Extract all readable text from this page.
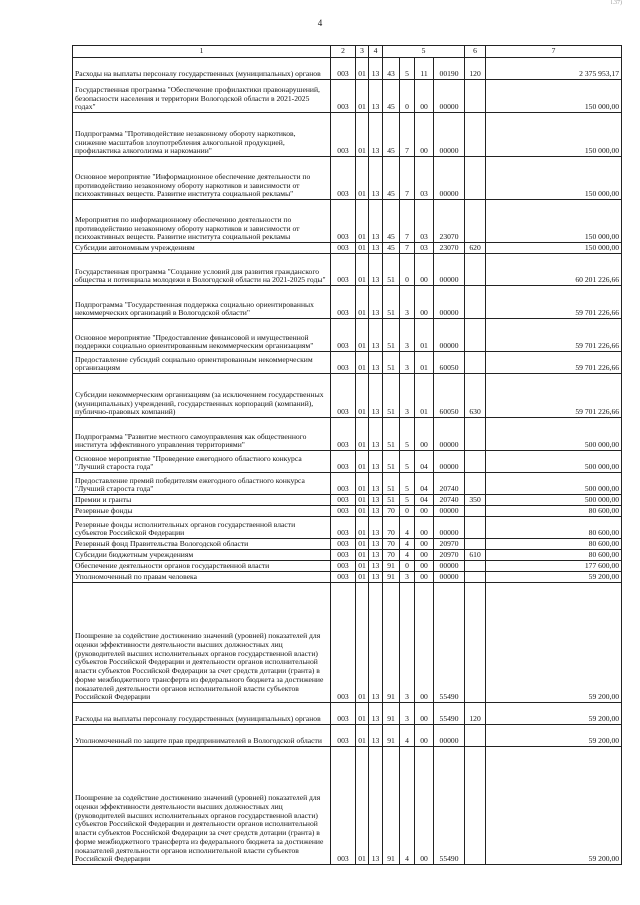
4
l.37)
1	2	3	4	5				6	7
Расходы на выплаты персоналу государственных (муниципальных) органов	003	01	13	43	5	11	00190	120	2 375 953,17
Государственная программа "Обеспечение профилактики правонарушений, безопасности населения и территории Вологодской области в 2021-2025 годах"	003	01	13	45	0	00	00000		150 000,00
Подпрограмма "Противодействие незаконному обороту наркотиков, снижение масштабов злоупотребления алкогольной продукцией, профилактика алкоголизма и наркомании"	003	01	13	45	7	00	00000		150 000,00
Основное мероприятие "Информационное обеспечение деятельности по противодействию незаконному обороту наркотиков и зависимости от психоактивных веществ. Развитие института социальной рекламы"	003	01	13	45	7	03	00000		150 000,00
Мероприятия по информационному обеспечению деятельности по противодействию незаконному обороту наркотиков и зависимости от психоактивных веществ. Развитие института социальной рекламы	003	01	13	45	7	03	23070		150 000,00
Субсидии автономным учреждениям	003	01	13	45	7	03	23070	620	150 000,00
Государственная программа "Создание условий для развития гражданского общества и потенциала молодежи в Вологодской области на 2021-2025 годы"	003	01	13	51	0	00	00000		60 201 226,66
Подпрограмма "Государственная поддержка социально ориентированных некоммерческих организаций в Вологодской области"	003	01	13	51	3	00	00000		59 701 226,66
Основное мероприятие "Предоставление финансовой и имущественной поддержки социально ориентированным некоммерческим организациям"	003	01	13	51	3	01	00000		59 701 226,66
Предоставление субсидий социально ориентированным некоммерческим организациям	003	01	13	51	3	01	60050		59 701 226,66
Субсидии некоммерческим организациям (за исключением государственных (муниципальных) учреждений, государственных корпораций (компаний), публично-правовых компаний)	003	01	13	51	3	01	60050	630	59 701 226,66
Подпрограмма "Развитие местного самоуправления как общественного института эффективного управления территориями"	003	01	13	51	5	00	00000		500 000,00
Основное мероприятие "Проведение ежегодного областного конкурса "Лучший староста года"	003	01	13	51	5	04	00000		500 000,00
Предоставление премий победителям ежегодного областного конкурса "Лучший староста года"	003	01	13	51	5	04	20740		500 000,00
Премии и гранты	003	01	13	51	5	04	20740	350	500 000,00
Резервные фонды	003	01	13	70	0	00	00000		80 600,00
Резервные фонды исполнительных органов государственной власти субъектов Российской Федерации	003	01	13	70	4	00	00000		80 600,00
Резервный фонд Правительства Вологодской области	003	01	13	70	4	00	20970		80 600,00
Субсидии бюджетным учреждениям	003	01	13	70	4	00	20970	610	80 600,00
Обеспечение деятельности органов государственной власти	003	01	13	91	0	00	00000		177 600,00
Уполномоченный по правам человека	003	01	13	91	3	00	00000		59 200,00
Поощрение за содействие достижению значений (уровней) показателей для оценки эффективности деятельности высших должностных лиц (руководителей высших исполнительных органов государственной власти) субъектов Российской Федерации и деятельности органов исполнительной власти субъектов Российской Федерации за счет средств дотации (гранта) в форме межбюджетного трансферта из федерального бюджета за достижение показателей деятельности органов исполнительной власти субъектов Российской Федерации	003	01	13	91	3	00	55490		59 200,00
Расходы на выплаты персоналу государственных (муниципальных) органов	003	01	13	91	3	00	55490	120	59 200,00
Уполномоченный по защите прав предпринимателей в Вологодской области	003	01	13	91	4	00	00000		59 200,00
Поощрение за содействие достижению значений (уровней) показателей для оценки эффективности деятельности высших должностных лиц (руководителей высших исполнительных органов государственной власти) субъектов Российской Федерации и деятельности органов исполнительной власти субъектов Российской Федерации за счет средств дотации (гранта) в форме межбюджетного трансферта из федерального бюджета за достижение показателей деятельности органов исполнительной власти субъектов Российской Федерации	003	01	13	91	4	00	55490		59 200,00
